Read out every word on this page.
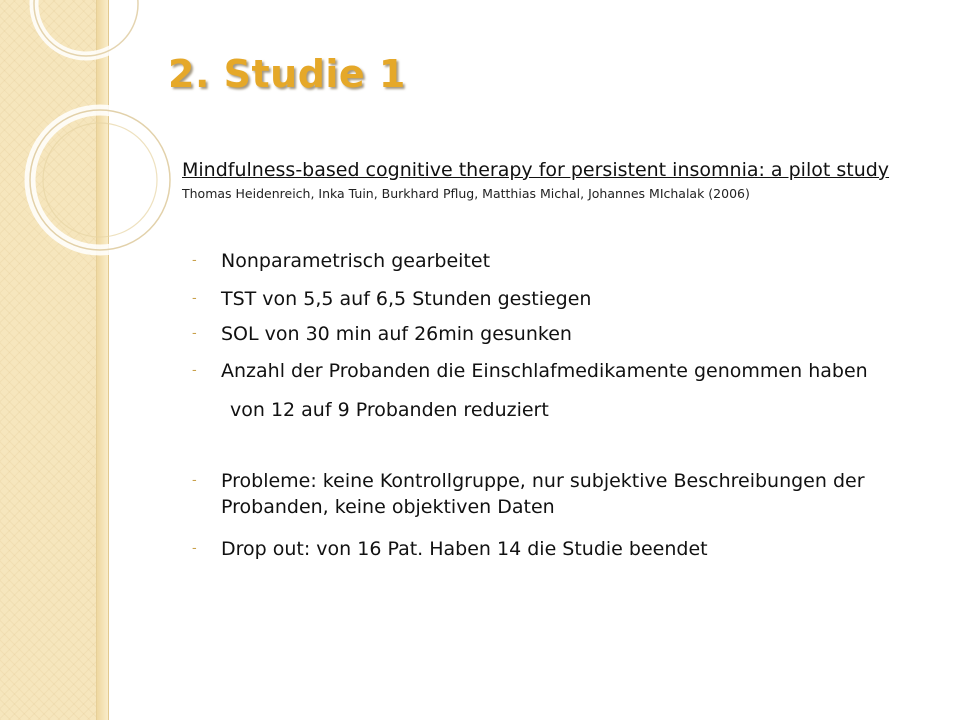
2. Studie 1
Mindfulness-based cognitive therapy for persistent insomnia: a pilot study
Thomas Heidenreich, Inka Tuin, Burkhard Pflug, Matthias Michal, Johannes MIchalak (2006)
- Nonparametrisch gearbeitet
- TST von 5,5 auf 6,5 Stunden gestiegen
- SOL von 30 min auf 26min gesunken
- Anzahl der Probanden die Einschlafmedikamente genommen haben
von 12 auf 9 Probanden reduziert
- Probleme: keine Kontrollgruppe, nur subjektive Beschreibungen der Probanden, keine objektiven Daten
- Drop out: von 16 Pat. Haben 14 die Studie beendet
